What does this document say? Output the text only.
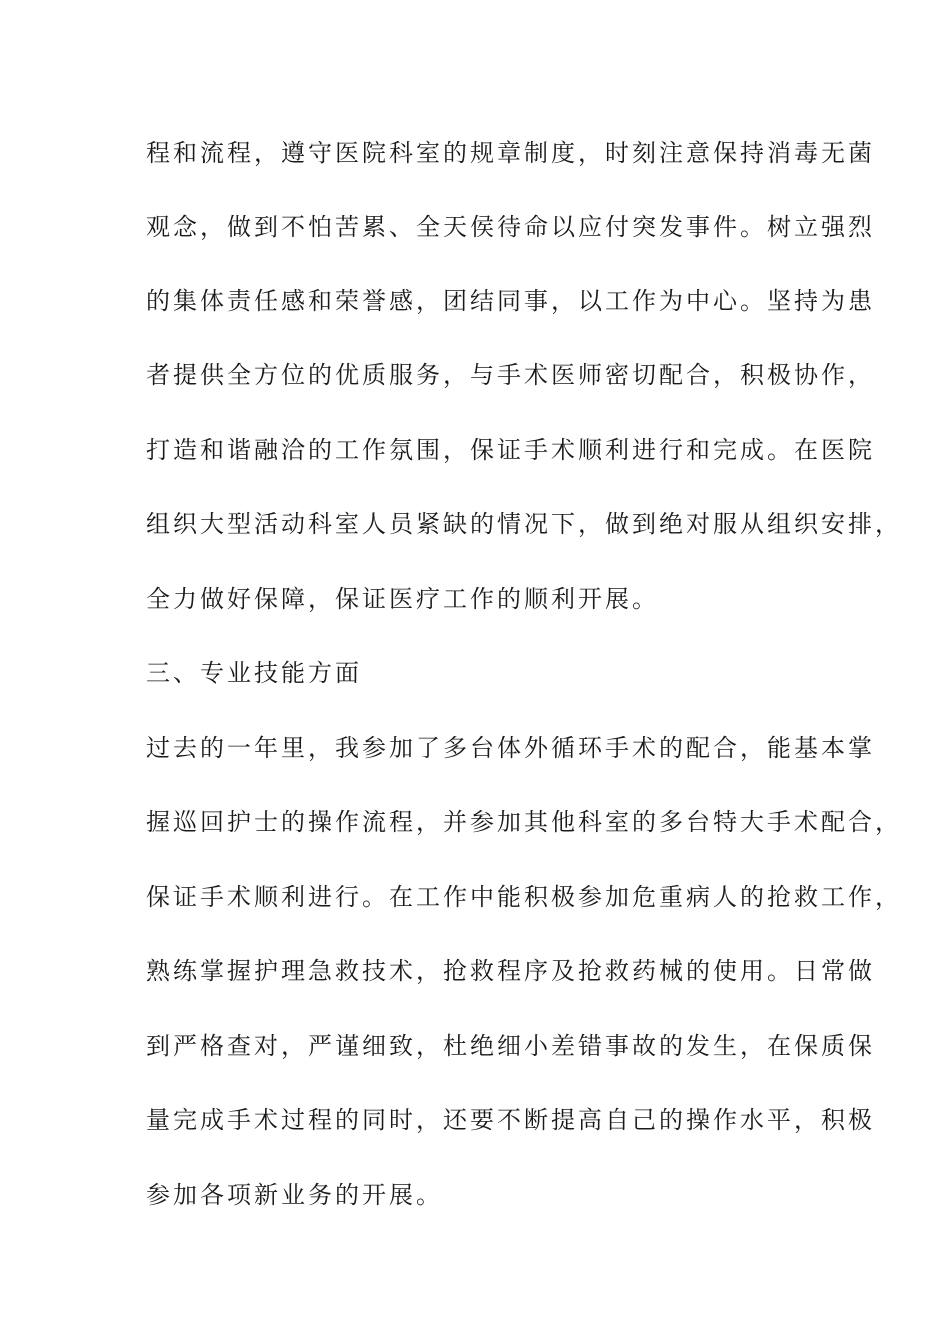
程和流程，遵守医院科室的规章制度，时刻注意保持消毒无菌
观念，做到不怕苦累、全天侯待命以应付突发事件。树立强烈
的集体责任感和荣誉感，团结同事，以工作为中心。坚持为患
者提供全方位的优质服务，与手术医师密切配合，积极协作，
打造和谐融洽的工作氛围，保证手术顺利进行和完成。在医院
组织大型活动科室人员紧缺的情况下，做到绝对服从组织安排，
全力做好保障，保证医疗工作的顺利开展。
三、专业技能方面
过去的一年里，我参加了多台体外循环手术的配合，能基本掌
握巡回护士的操作流程，并参加其他科室的多台特大手术配合，
保证手术顺利进行。在工作中能积极参加危重病人的抢救工作，
熟练掌握护理急救技术，抢救程序及抢救药械的使用。日常做
到严格查对，严谨细致，杜绝细小差错事故的发生，在保质保
量完成手术过程的同时，还要不断提高自己的操作水平，积极
参加各项新业务的开展。
